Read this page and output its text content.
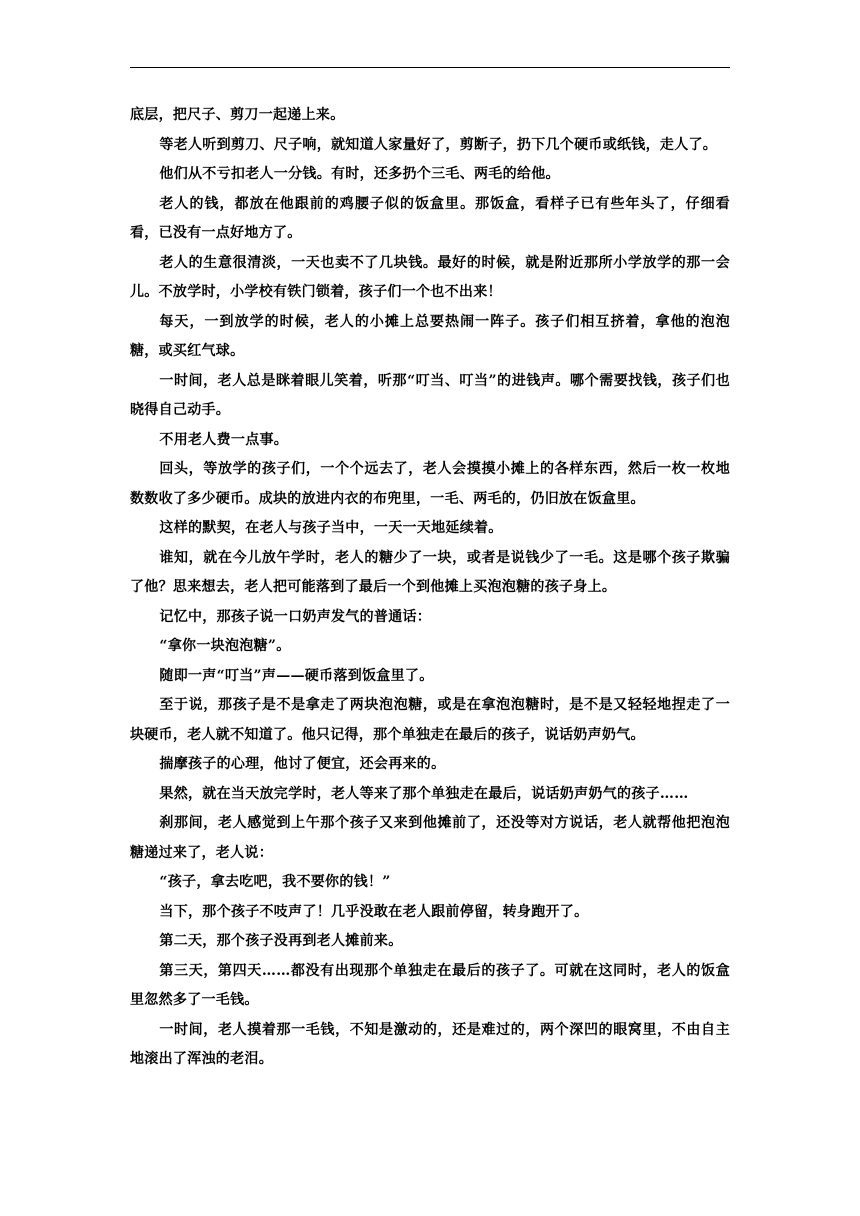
底层，把尺子、剪刀一起递上来。

等老人听到剪刀、尺子响，就知道人家量好了，剪断子，扔下几个硬币或纸钱，走人了。

他们从不亏扣老人一分钱。有时，还多扔个三毛、两毛的给他。

老人的钱，都放在他跟前的鸡腰子似的饭盒里。那饭盒，看样子已有些年头了，仔细看看，已没有一点好地方了。

老人的生意很清淡，一天也卖不了几块钱。最好的时候，就是附近那所小学放学的那一会儿。不放学时，小学校有铁门锁着，孩子们一个也不出来！

每天，一到放学的时候，老人的小摊上总要热闹一阵子。孩子们相互挤着，拿他的泡泡糖，或买红气球。

一时间，老人总是眯着眼儿笑着，听那“叮当、叮当”的进钱声。哪个需要找钱，孩子们也晓得自己动手。

不用老人费一点事。

回头，等放学的孩子们，一个个远去了，老人会摸摸小摊上的各样东西，然后一枚一枚地数数收了多少硬币。成块的放进内衣的布兜里，一毛、两毛的，仍旧放在饭盒里。

这样的默契，在老人与孩子当中，一天一天地延续着。

谁知，就在今儿放午学时，老人的糖少了一块，或者是说钱少了一毛。这是哪个孩子欺骗了他？思来想去，老人把可能落到了最后一个到他摊上买泡泡糖的孩子身上。

记忆中，那孩子说一口奶声发气的普通话：

“拿你一块泡泡糖”。

随即一声“叮当”声——硬币落到饭盒里了。

至于说，那孩子是不是拿走了两块泡泡糖，或是在拿泡泡糖时，是不是又轻轻地捏走了一块硬币，老人就不知道了。他只记得，那个单独走在最后的孩子，说话奶声奶气。

揣摩孩子的心理，他讨了便宜，还会再来的。

果然，就在当天放完学时，老人等来了那个单独走在最后，说话奶声奶气的孩子……

刹那间，老人感觉到上午那个孩子又来到他摊前了，还没等对方说话，老人就帮他把泡泡糖递过来了，老人说：

“孩子，拿去吃吧，我不要你的钱！”

当下，那个孩子不吱声了！几乎没敢在老人跟前停留，转身跑开了。

第二天，那个孩子没再到老人摊前来。

第三天，第四天……都没有出现那个单独走在最后的孩子了。可就在这同时，老人的饭盒里忽然多了一毛钱。

一时间，老人摸着那一毛钱，不知是激动的，还是难过的，两个深凹的眼窝里，不由自主地滚出了浑浊的老泪。
